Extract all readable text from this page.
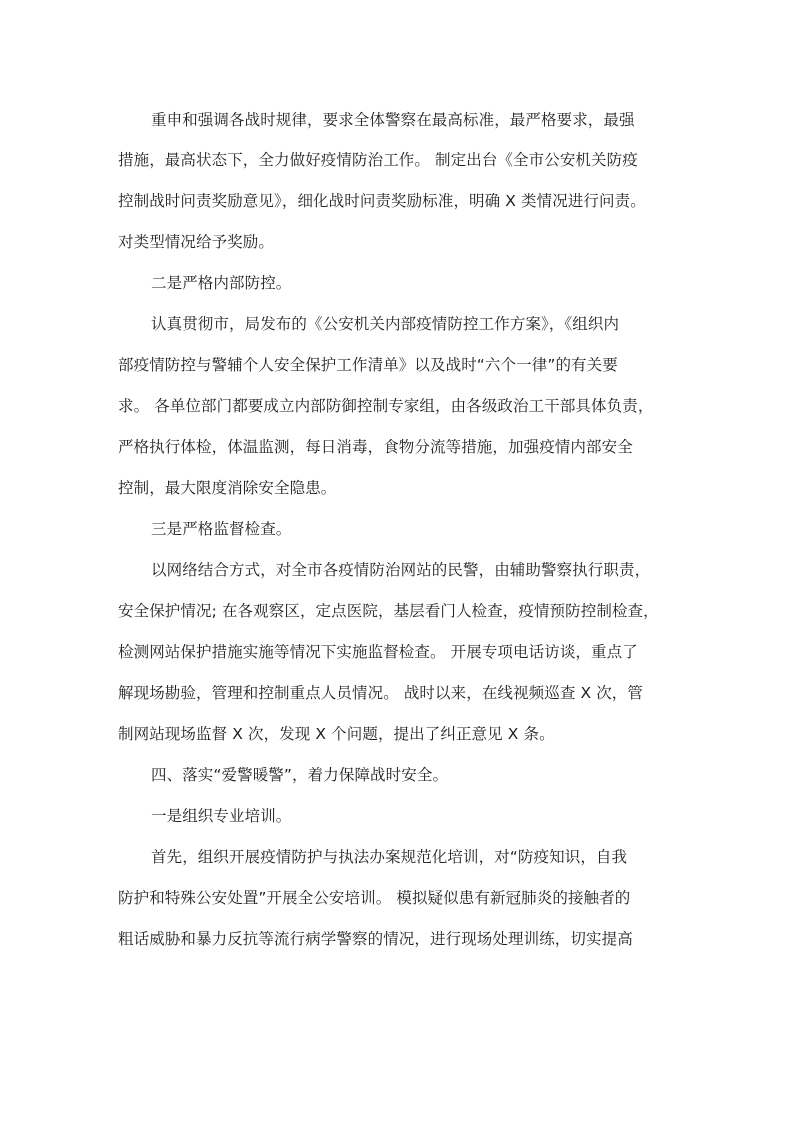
重申和强调各战时规律，要求全体警察在最高标准，最严格要求，最强
措施，最高状态下，全力做好疫情防治工作。 制定出台《全市公安机关防疫
控制战时问责奖励意见》，细化战时问责奖励标准，明确 X 类情况进行问责。
对类型情况给予奖励。
二是严格内部防控。
认真贯彻市，局发布的《公安机关内部疫情防控工作方案》，《组织内
部疫情防控与警辅个人安全保护工作清单》以及战时“六个一律”的有关要
求。 各单位部门都要成立内部防御控制专家组，由各级政治工干部具体负责，
严格执行体检，体温监测，每日消毒，食物分流等措施，加强疫情内部安全
控制，最大限度消除安全隐患。
三是严格监督检查。
以网络结合方式，对全市各疫情防治网站的民警，由辅助警察执行职责，
安全保护情况; 在各观察区，定点医院，基层看门人检查，疫情预防控制检查，
检测网站保护措施实施等情况下实施监督检查。 开展专项电话访谈，重点了
解现场勘验，管理和控制重点人员情况。 战时以来，在线视频巡查 X 次，管
制网站现场监督 X 次，发现 X 个问题，提出了纠正意见 X 条。
四、落实“爱警暖警”，着力保障战时安全。
一是组织专业培训。
首先，组织开展疫情防护与执法办案规范化培训，对“防疫知识，自我
防护和特殊公安处置”开展全公安培训。 模拟疑似患有新冠肺炎的接触者的
粗话威胁和暴力反抗等流行病学警察的情况，进行现场处理训练，切实提高
